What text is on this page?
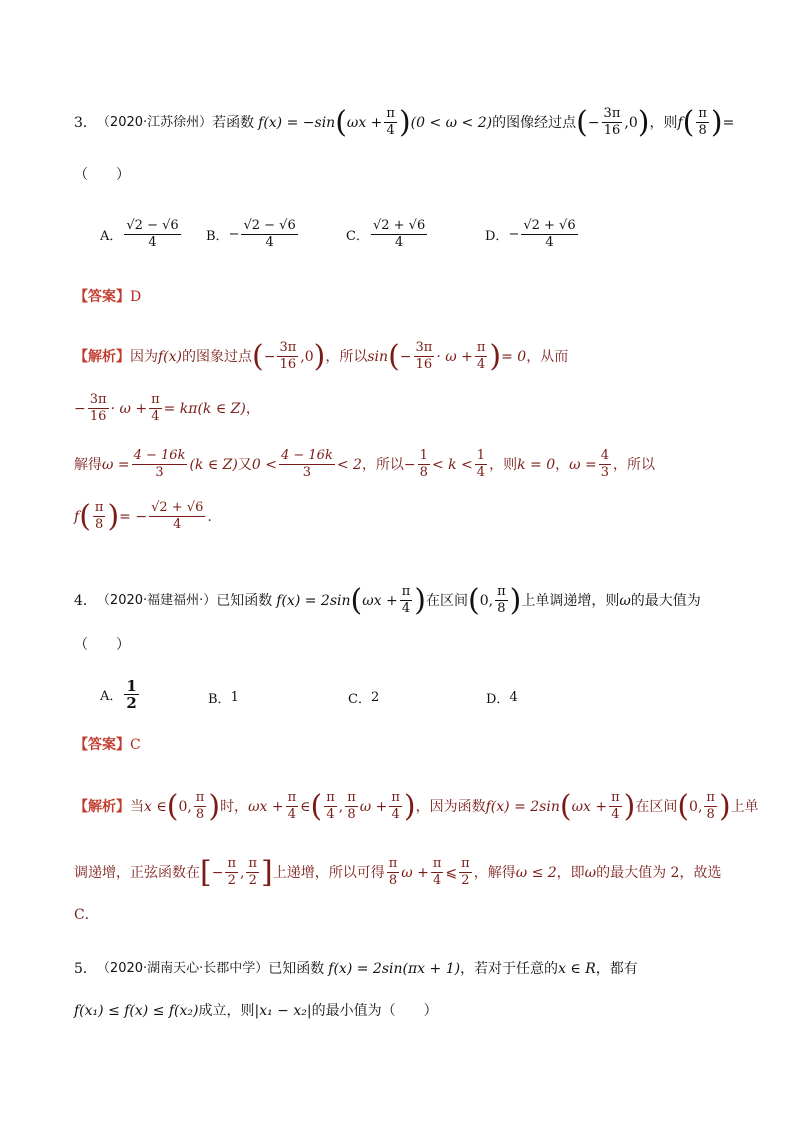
3． （2020·江苏徐州） 若函数 f(x) = −sin ( $\omega x + \frac{\pi}{4}$ ) (0 < ω < 2) 的图像经过点 ( − $\frac{3\pi}{16} ,0$ ) ，则 f ( $\frac{\pi}{8}$ ) =
（　　）
A． $\frac{√2 - √6}{4}$ B． − $\frac{√2 - √6}{4}$	C． $\frac{√2 + √6}{4}$	D． − $\frac{√2 + √6}{4}$
【答案】D
【解析】 因为 f(x) 的图象过点 ( − $\frac{3\pi}{16} ,0$ ) ，所以 sin ( − $\frac{3\pi}{16} \cdot \omega + \frac{\pi}{4}$ ) = 0 ，从而
− $\frac{3\pi}{16} \cdot \omega + \frac{\pi}{4} = k\pi(k$ ∈ Z) ，
解得 $\omega = \frac{4 - 16k}{3} (k$ ∈ Z) 又 $0 < \frac{4 - 16k}{3} < 2$ ，所以 − $\frac{1}{8} < k < \frac{1}{4}$ ，则 k = 0 ， $\omega = \frac{4}{3}$ ，所以
f ( $\frac{\pi}{8}$ ) = − $\frac{√2 + √6}{4}$ .
4． （2020·福建福州·） 已知函数 f(x) = 2sin ( $\omega x + \frac{\pi}{4}$ ) 在区间 ( 0, $\frac{\pi}{8}$ ) 上单调递增，则 ω 的最大值为
（　　）
A． $\frac{1}{2}$	B． 1	C． 2	D． 4
【答案】C
【解析】 当 x ∈ ( 0, $\frac{\pi}{8}$ ) 时， $\omega x + \frac{\pi}{4}$ ∈ ( $\frac{\pi}{4}$ , $\frac{\pi}{8}$ $\omega + \frac{\pi}{4}$ ) ，因为函数 f(x) = 2sin ( $\omega x + \frac{\pi}{4}$ ) 在区间 ( 0, $\frac{\pi}{8}$ ) 上单
调递增，正弦函数在 [ − $\frac{\pi}{2}$ , $\frac{\pi}{2}$ ] 上递增，所以可得 $\frac{\pi}{8}$ $\omega + \frac{\pi}{4}$ ⩽ $\frac{\pi}{2}$ ，解得 ω ≤ 2 ，即 ω 的最大值为 2，故选
C．
5． （2020·湖南天心·长郡中学） 已知函数 f(x) = 2sin(πx + 1) ，若对于任意的 x ∈ R ，都有
f(x₁) ≤ f(x) ≤ f(x₂) 成立，则 |x₁ − x₂| 的最小值为（　　）
